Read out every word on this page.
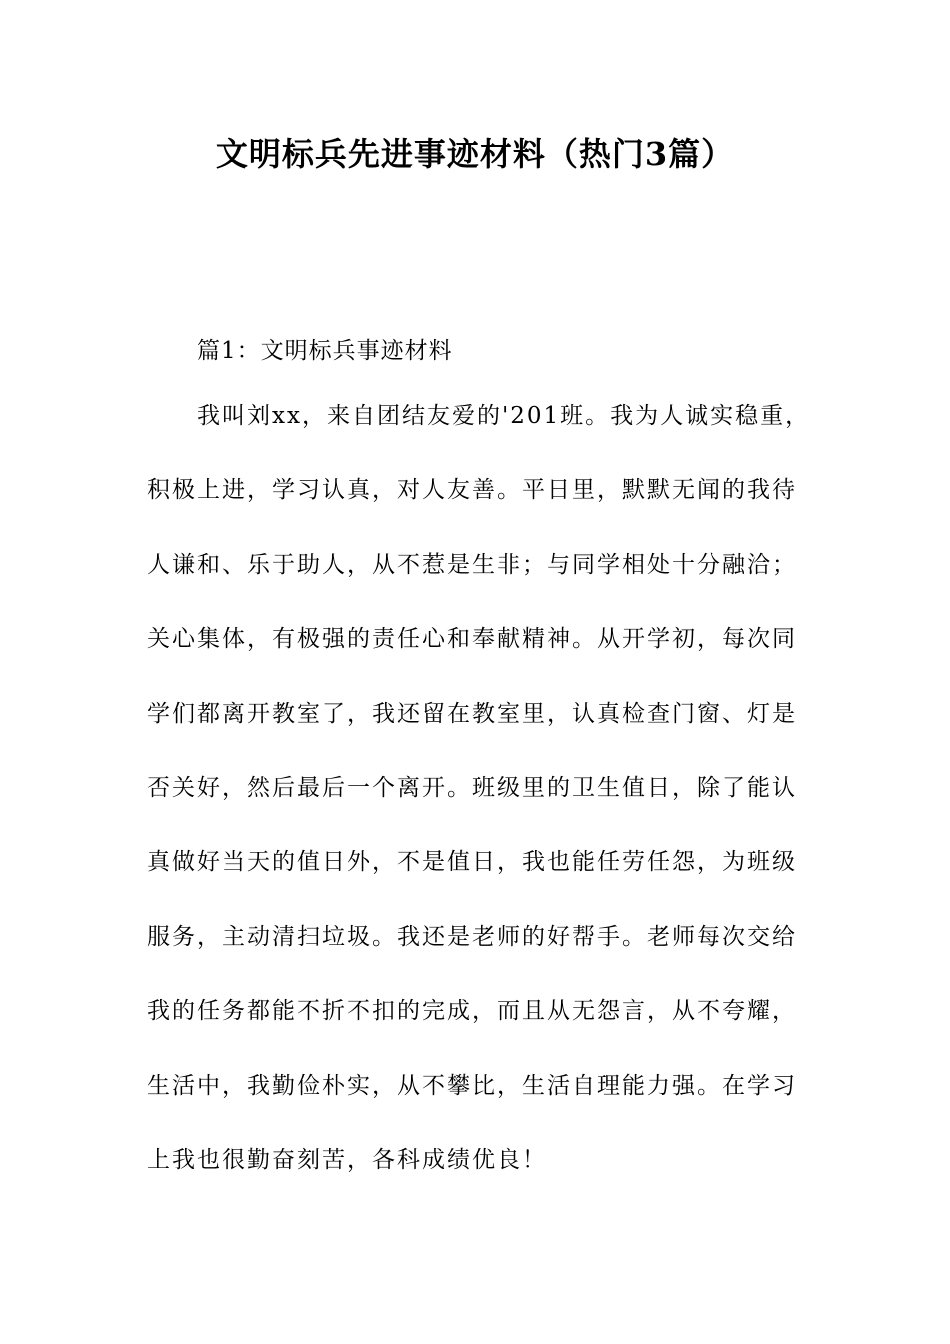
文明标兵先进事迹材料（热门3篇）

篇1：文明标兵事迹材料

我叫刘xx，来自团结友爱的'201班。我为人诚实稳重，
积极上进，学习认真，对人友善。平日里，默默无闻的我待
人谦和、乐于助人，从不惹是生非；与同学相处十分融洽；
关心集体，有极强的责任心和奉献精神。从开学初，每次同
学们都离开教室了，我还留在教室里，认真检查门窗、灯是
否关好，然后最后一个离开。班级里的卫生值日，除了能认
真做好当天的值日外，不是值日，我也能任劳任怨，为班级
服务，主动清扫垃圾。我还是老师的好帮手。老师每次交给
我的任务都能不折不扣的完成，而且从无怨言，从不夸耀，
生活中，我勤俭朴实，从不攀比，生活自理能力强。在学习
上我也很勤奋刻苦，各科成绩优良！
